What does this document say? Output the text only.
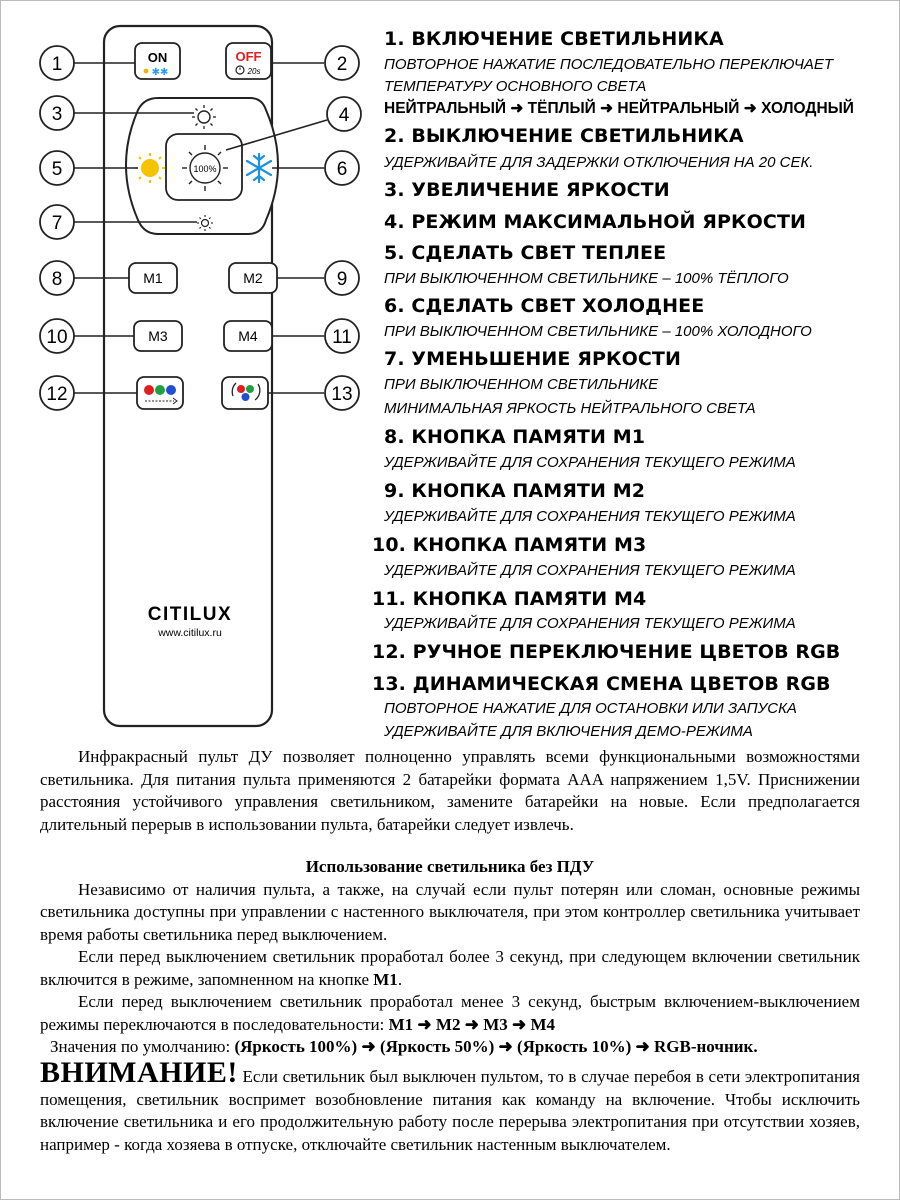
ON
✱✱
OFF
20s
100%
M1	M2
M3	M4
CITILUX
www.citilux.ru
1	2
3	4
5	6
7
8	9
10	11
12	13
1. ВКЛЮЧЕНИЕ СВЕТИЛЬНИКА
ПОВТОРНОЕ НАЖАТИЕ ПОСЛЕДОВАТЕЛЬНО ПЕРЕКЛЮЧАЕТ
ТЕМПЕРАТУРУ ОСНОВНОГО СВЕТА
НЕЙТРАЛЬНЫЙ ➜ ТЁПЛЫЙ ➜ НЕЙТРАЛЬНЫЙ ➜ ХОЛОДНЫЙ
2. ВЫКЛЮЧЕНИЕ СВЕТИЛЬНИКА
УДЕРЖИВАЙТЕ ДЛЯ ЗАДЕРЖКИ ОТКЛЮЧЕНИЯ НА 20 СЕК.
3. УВЕЛИЧЕНИЕ ЯРКОСТИ
4. РЕЖИМ МАКСИМАЛЬНОЙ ЯРКОСТИ
5. СДЕЛАТЬ СВЕТ ТЕПЛЕЕ
ПРИ ВЫКЛЮЧЕННОМ СВЕТИЛЬНИКЕ – 100% ТЁПЛОГО
6. СДЕЛАТЬ СВЕТ ХОЛОДНЕЕ
ПРИ ВЫКЛЮЧЕННОМ СВЕТИЛЬНИКЕ – 100% ХОЛОДНОГО
7. УМЕНЬШЕНИЕ ЯРКОСТИ
ПРИ ВЫКЛЮЧЕННОМ СВЕТИЛЬНИКЕ
МИНИМАЛЬНАЯ ЯРКОСТЬ НЕЙТРАЛЬНОГО СВЕТА
8. КНОПКА ПАМЯТИ M1
УДЕРЖИВАЙТЕ ДЛЯ СОХРАНЕНИЯ ТЕКУЩЕГО РЕЖИМА
9. КНОПКА ПАМЯТИ M2
УДЕРЖИВАЙТЕ ДЛЯ СОХРАНЕНИЯ ТЕКУЩЕГО РЕЖИМА
10. КНОПКА ПАМЯТИ M3
УДЕРЖИВАЙТЕ ДЛЯ СОХРАНЕНИЯ ТЕКУЩЕГО РЕЖИМА
11. КНОПКА ПАМЯТИ M4
УДЕРЖИВАЙТЕ ДЛЯ СОХРАНЕНИЯ ТЕКУЩЕГО РЕЖИМА
12. РУЧНОЕ ПЕРЕКЛЮЧЕНИЕ ЦВЕТОВ RGB
13. ДИНАМИЧЕСКАЯ СМЕНА ЦВЕТОВ RGB
ПОВТОРНОЕ НАЖАТИЕ ДЛЯ ОСТАНОВКИ ИЛИ ЗАПУСКА
УДЕРЖИВАЙТЕ ДЛЯ ВКЛЮЧЕНИЯ ДЕМО-РЕЖИМА

Инфракрасный пульт ДУ позволяет полноценно управлять всеми функциональными возможностями светильника. Для питания пульта применяются 2 батарейки формата AAA напряжением 1,5V. Приснижении расстояния устойчивого управления светильником, замените батарейки на новые. Если предполагается длительный перерыв в использовании пульта, батарейки следует извлечь.

Использование светильника без ПДУ

Независимо от наличия пульта, а также, на случай если пульт потерян или сломан, основные режимы светильника доступны при управлении с настенного выключателя, при этом контроллер светильника учитывает время работы светильника перед выключением.

Если перед выключением светильник проработал более 3 секунд, при следующем включении светильник включится в режиме, запомненном на кнопке M1.

Если перед выключением светильник проработал менее 3 секунд, быстрым включением-выключением режимы переключаются в последовательности: M1 ➜ M2 ➜ M3 ➜ M4

Значения по умолчанию: (Яркость 100%) ➜ (Яркость 50%) ➜ (Яркость 10%) ➜ RGB-ночник.

ВНИМАНИЕ! Если светильник был выключен пультом, то в случае перебоя в сети электропитания помещения, светильник воспримет возобновление питания как команду на включение. Чтобы исключить включение светильника и его продолжительную работу после перерыва электропитания при отсутствии хозяев, например - когда хозяева в отпуске, отключайте светильник настенным выключателем.
